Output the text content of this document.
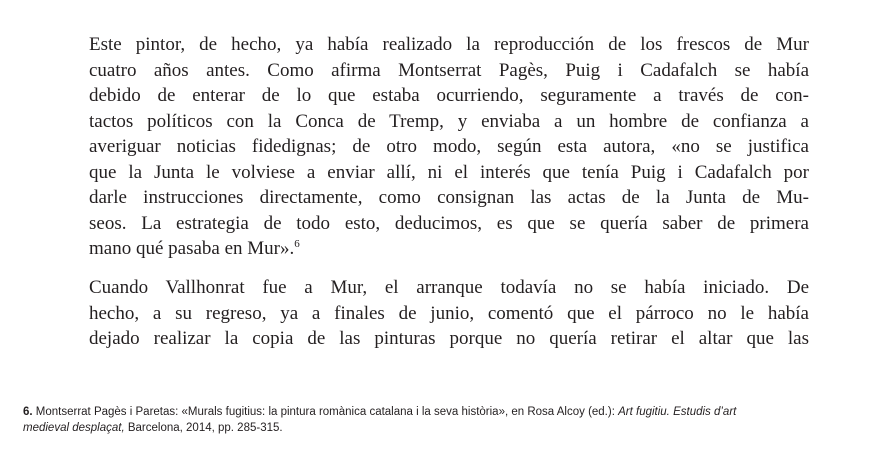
Este pintor, de hecho, ya había realizado la reproducción de los frescos de Mur
cuatro años antes. Como afirma Montserrat Pagès, Puig i Cadafalch se había
debido de enterar de lo que estaba ocurriendo, seguramente a través de con-
tactos políticos con la Conca de Tremp, y enviaba a un hombre de confianza a
averiguar noticias fidedignas; de otro modo, según esta autora, «no se justifica
que la Junta le volviese a enviar allí, ni el interés que tenía Puig i Cadafalch por
darle instrucciones directamente, como consignan las actas de la Junta de Mu-
seos. La estrategia de todo esto, deducimos, es que se quería saber de primera
mano qué pasaba en Mur».$^6$
Cuando Vallhonrat fue a Mur, el arranque todavía no se había iniciado. De
hecho, a su regreso, ya a finales de junio, comentó que el párroco no le había
dejado realizar la copia de las pinturas porque no quería retirar el altar que las
6. Montserrat Pagès i Paretas: «Murals fugitius: la pintura romànica catalana i la seva història», en Rosa Alcoy (ed.): Art fugitiu. Estudis d’art
medieval desplaçat, Barcelona, 2014, pp. 285-315.
